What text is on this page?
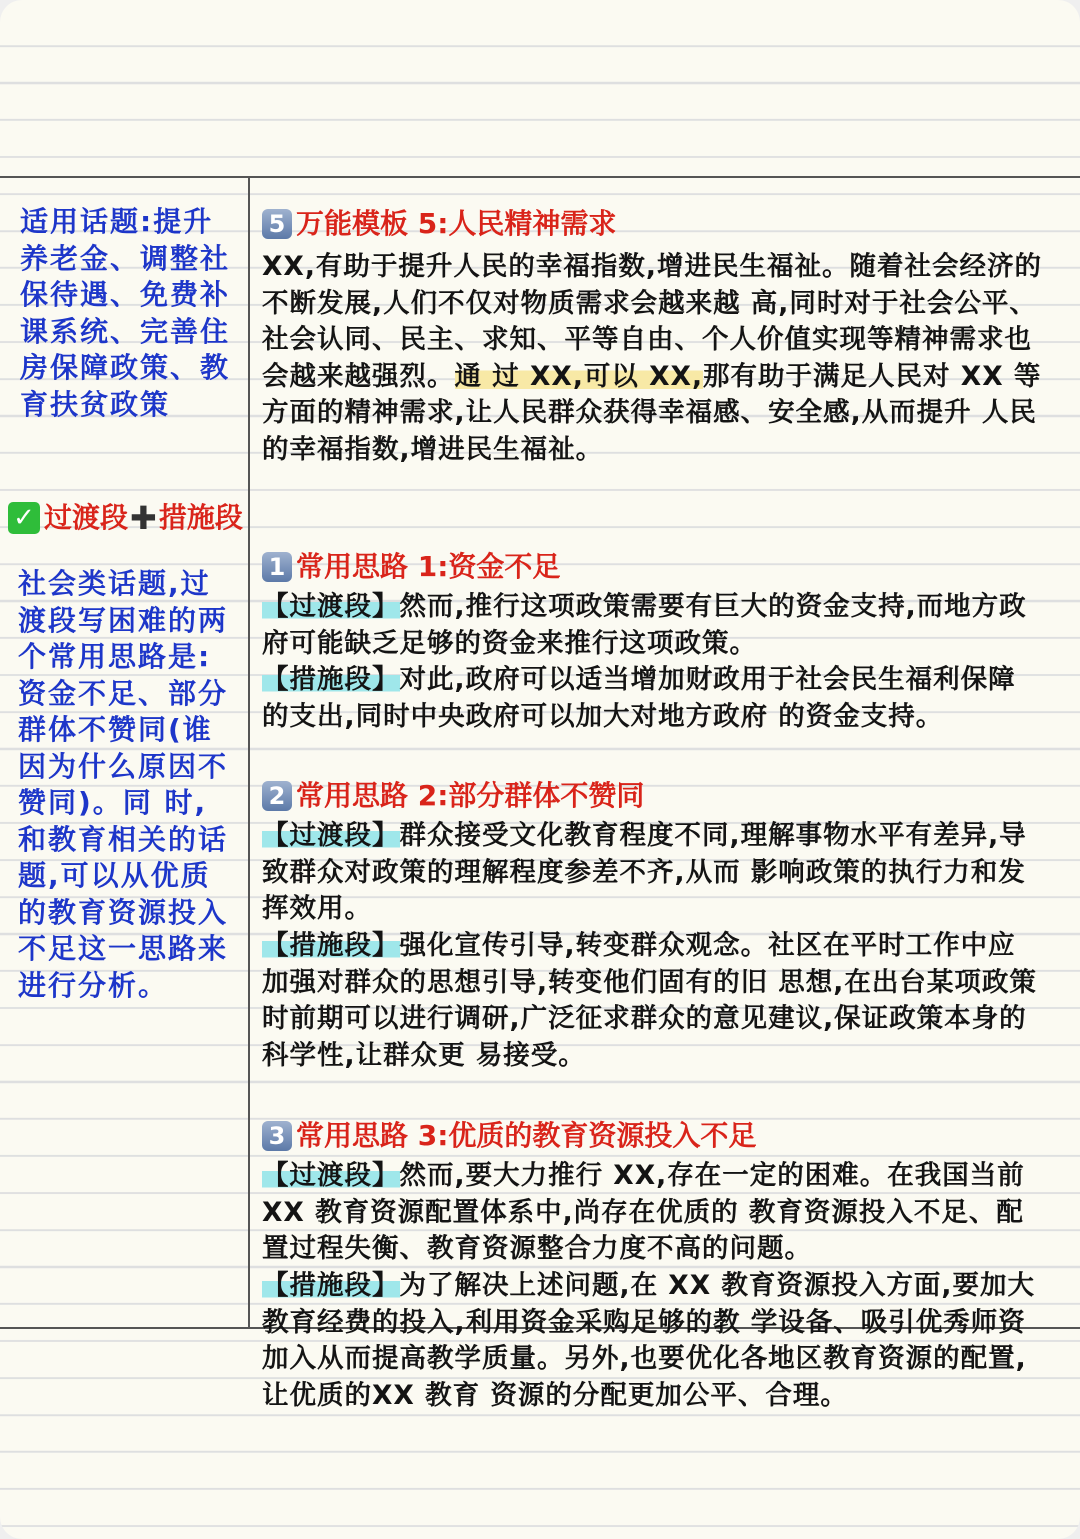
适用话题:提升养老金、调整社保待遇、免费补课系统、完善住房保障政策、教育扶贫政策
社会类话题,过渡段写困难的两个常用思路是:资金不足、部分群体不赞同(谁因为什么原因不赞同)。同 时,和教育相关的话题,可以从优质的教育资源投入不足这一思路来进行分析。
5 万能模板 5:人民精神需求
XX,有助于提升人民的幸福指数,增进民生福祉。随着社会经济的不断发展,人们不仅对物质需求会越来越 高,同时对于社会公平、社会认同、民主、求知、平等自由、个人价值实现等精神需求也会越来越强烈。通 过 XX,可以 XX,那有助于满足人民对 XX 等方面的精神需求,让人民群众获得幸福感、安全感,从而提升 人民的幸福指数,增进民生福祉。
✓ 过渡段 ✚ 措施段
1 常用思路 1:资金不足
【过渡段】然而,推行这项政策需要有巨大的资金支持,而地方政府可能缺乏足够的资金来推行这项政策。
【措施段】对此,政府可以适当增加财政用于社会民生福利保障的支出,同时中央政府可以加大对地方政府 的资金支持。
2 常用思路 2:部分群体不赞同
【过渡段】群众接受文化教育程度不同,理解事物水平有差异,导致群众对政策的理解程度参差不齐,从而 影响政策的执行力和发挥效用。
【措施段】强化宣传引导,转变群众观念。社区在平时工作中应加强对群众的思想引导,转变他们固有的旧 思想,在出台某项政策时前期可以进行调研,广泛征求群众的意见建议,保证政策本身的科学性,让群众更 易接受。
3 常用思路 3:优质的教育资源投入不足
【过渡段】然而,要大力推行 XX,存在一定的困难。在我国当前 XX 教育资源配置体系中,尚存在优质的 教育资源投入不足、配置过程失衡、教育资源整合力度不高的问题。
【措施段】为了解决上述问题,在 XX 教育资源投入方面,要加大教育经费的投入,利用资金采购足够的教 学设备、吸引优秀师资加入从而提高教学质量。另外,也要优化各地区教育资源的配置,让优质的XX 教育 资源的分配更加公平、合理。
